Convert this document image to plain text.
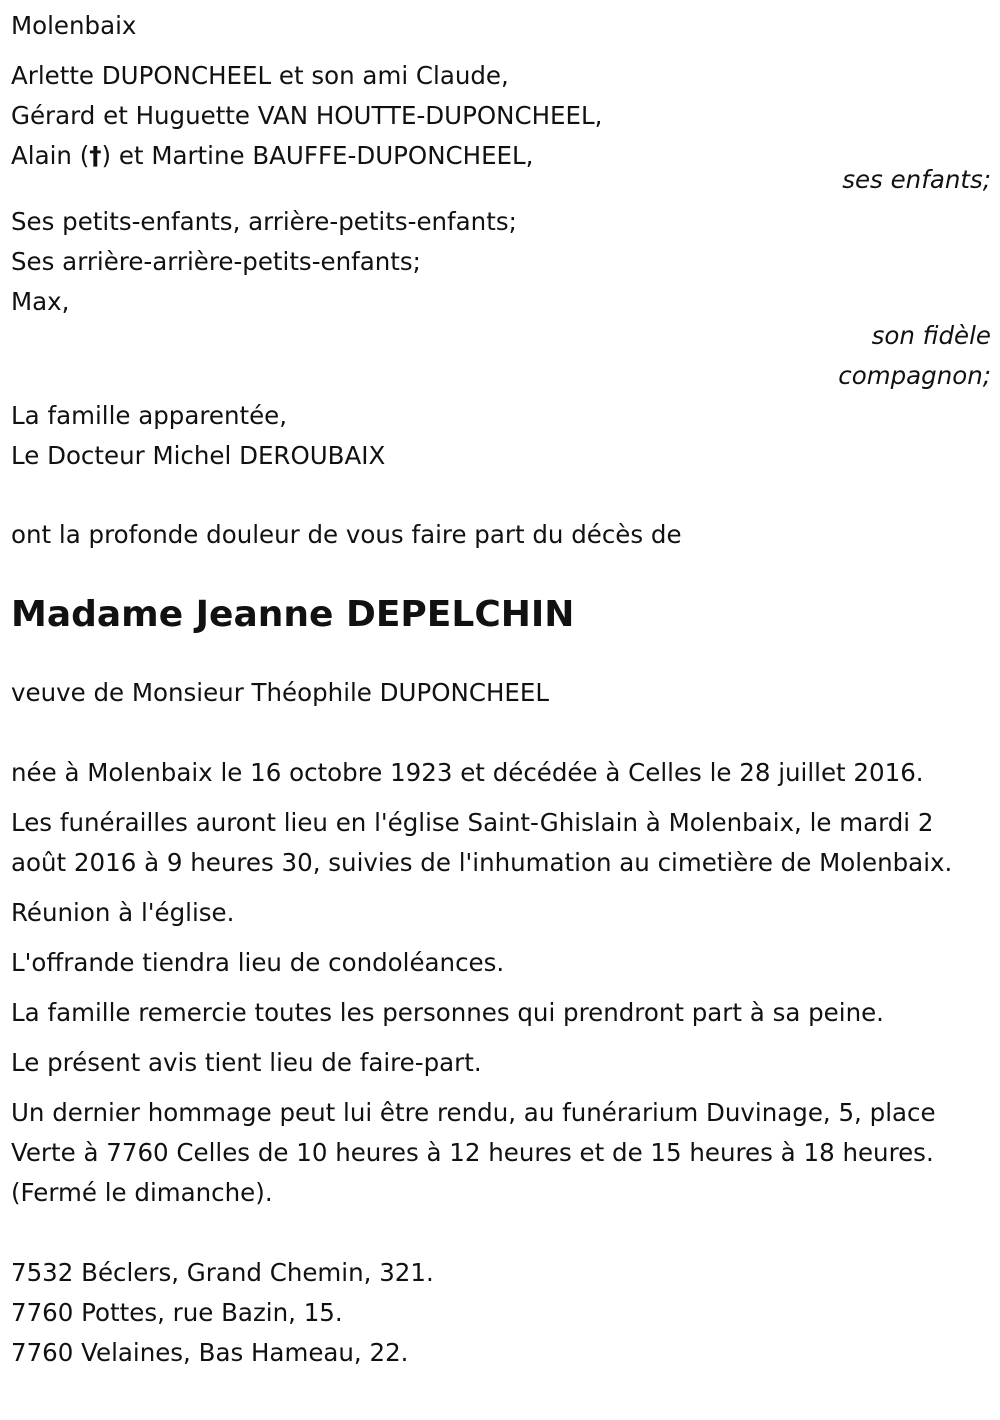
Molenbaix
Arlette DUPONCHEEL et son ami Claude,
Gérard et Huguette VAN HOUTTE-DUPONCHEEL,
Alain (†) et Martine BAUFFE-DUPONCHEEL,
ses enfants;
Ses petits-enfants, arrière-petits-enfants;
Ses arrière-arrière-petits-enfants;
Max,
son fidèle
compagnon;
La famille apparentée,
Le Docteur Michel DEROUBAIX
ont la profonde douleur de vous faire part du décès de
Madame Jeanne DEPELCHIN
veuve de Monsieur Théophile DUPONCHEEL
née à Molenbaix le 16 octobre 1923 et décédée à Celles le 28 juillet 2016.
Les funérailles auront lieu en l'église Saint-Ghislain à Molenbaix, le mardi 2 août 2016 à 9 heures 30, suivies de l'inhumation au cimetière de Molenbaix.
Réunion à l'église.
L'offrande tiendra lieu de condoléances.
La famille remercie toutes les personnes qui prendront part à sa peine.
Le présent avis tient lieu de faire-part.
Un dernier hommage peut lui être rendu, au funérarium Duvinage, 5, place Verte à 7760 Celles de 10 heures à 12 heures et de 15 heures à 18 heures. (Fermé le dimanche).
7532 Béclers, Grand Chemin, 321.
7760 Pottes, rue Bazin, 15.
7760 Velaines, Bas Hameau, 22.
